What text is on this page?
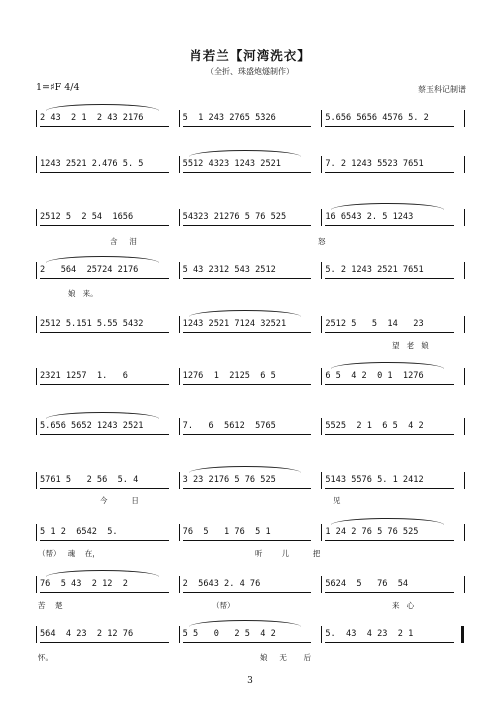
肖若兰【河湾洗衣】
（全折、珠盛炮燧制作）
1=♯F 4/4	蔡玉科记制谱
2 43  2 1  2 43 2176	5  1 243 2765 5̇326	5.656 5656 4576 5. 2
1243 2521 2.476 5. 5	5512 4323 1243 2521	7. 2 1243 5523 7651
2512 5  2 54  1656	54323 21276 5 76 525	16 6543 2. 5 1243
2   564  25724 2176	5 43 2312 543 2512	5. 2 1243 2521 7651
2512 5.151 5.55 5432	1243 2521 7124 32521	2512 5   5  14   23
2321 1257  1.   6	1276  1  2125  6 5	6 5  4 2  0 1  1276
5.656 5652 1243 2521	7.   6  5612  5765	5525  2 1  6 5  4 2
5761 5   2 56  5. 4	3 23 2176 5 76 525	5143 5576 5. 1 2412
5 1 2  6542  5.	76  5   1 76  5 1	1 24 2 76 5 76 525
76  5 43  2 12  2	2  5643 2. 4 76	5624  5   76  54
564  4 23  2 12 76	5 5   0   2 5  4 2	5.  43  4 23  2 1
含     泪	怒
娘   来。
望   老   娘
今          日	见
（帮）   魂    在，	听        儿          把
苦    楚	（帮）	来   心
怀。	娘     无       后
3
